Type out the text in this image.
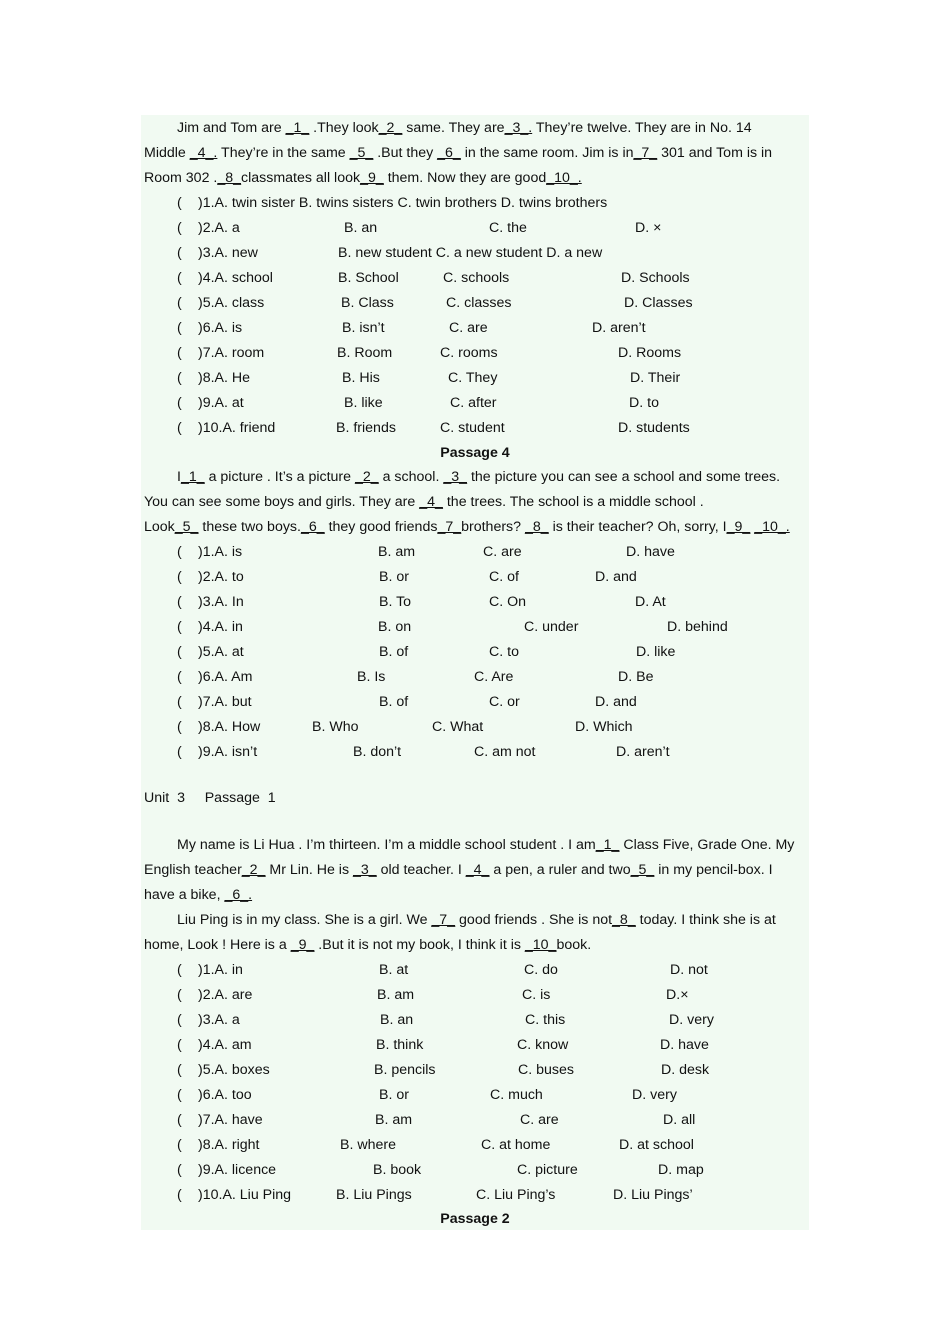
Jim and Tom are _1_ .They look_2_ same. They are_3_. They’re twelve. They are in No. 14
Middle _4_. They’re in the same _5_ .But they _6_ in the same room. Jim is in_7_ 301 and Tom is in
Room 302 ._8_classmates all look_9_ them. Now they are good_10_.
( )1.A. twin sister B. twins sisters C. twin brothers D. twins brothers
( )2.A. a	B. an	C. the	D. ×
( )3.A. new	B. new student C. a new student D. a new
( )4.A. school	B. School	C. schools	D. Schools
( )5.A. class	B. Class	C. classes	D. Classes
( )6.A. is	B. isn’t	C. are	D. aren’t
( )7.A. room	B. Room	C. rooms	D. Rooms
( )8.A. He	B. His	C. They	D. Their
( )9.A. at	B. like	C. after	D. to
( )10.A. friend	B. friends	C. student	D. students
Passage 4
I_1_ a picture . It’s a picture _2_ a school. _3_ the picture you can see a school and some trees.
You can see some boys and girls. They are _4_ the trees. The school is a middle school .
Look_5_ these two boys._6_ they good friends_7_brothers? _8_ is their teacher? Oh, sorry, I_9_ _10_.
( )1.A. is	B. am	C. are	D. have
( )2.A. to	B. or	C. of	D. and
( )3.A. In	B. To	C. On	D. At
( )4.A. in	B. on	C. under	D. behind
( )5.A. at	B. of	C. to	D. like
( )6.A. Am	B. Is	C. Are	D. Be
( )7.A. but	B. of	C. or	D. and
( )8.A. How	B. Who	C. What	D. Which
( )9.A. isn’t	B. don’t	C. am not	D. aren’t
Unit  3     Passage  1
My name is Li Hua . I’m thirteen. I’m a middle school student . I am_1_ Class Five, Grade One. My
English teacher_2_ Mr Lin. He is _3_ old teacher. I _4_ a pen, a ruler and two_5_ in my pencil-box. I
have a bike, _6_.
Liu Ping is in my class. She is a girl. We _7_ good friends . She is not_8_ today. I think she is at
home, Look ! Here is a _9_ .But it is not my book, I think it is _10_book.
( )1.A. in	B. at	C. do	D. not
( )2.A. are	B. am	C. is	D.×
( )3.A. a	B. an	C. this	D. very
( )4.A. am	B. think	C. know	D. have
( )5.A. boxes	B. pencils	C. buses	D. desk
( )6.A. too	B. or	C. much	D. very
( )7.A. have	B. am	C. are	D. all
( )8.A. right	B. where	C. at home	D. at school
( )9.A. licence	B. book	C. picture	D. map
( )10.A. Liu Ping	B. Liu Pings	C. Liu Ping’s	D. Liu Pings’
Passage 2
